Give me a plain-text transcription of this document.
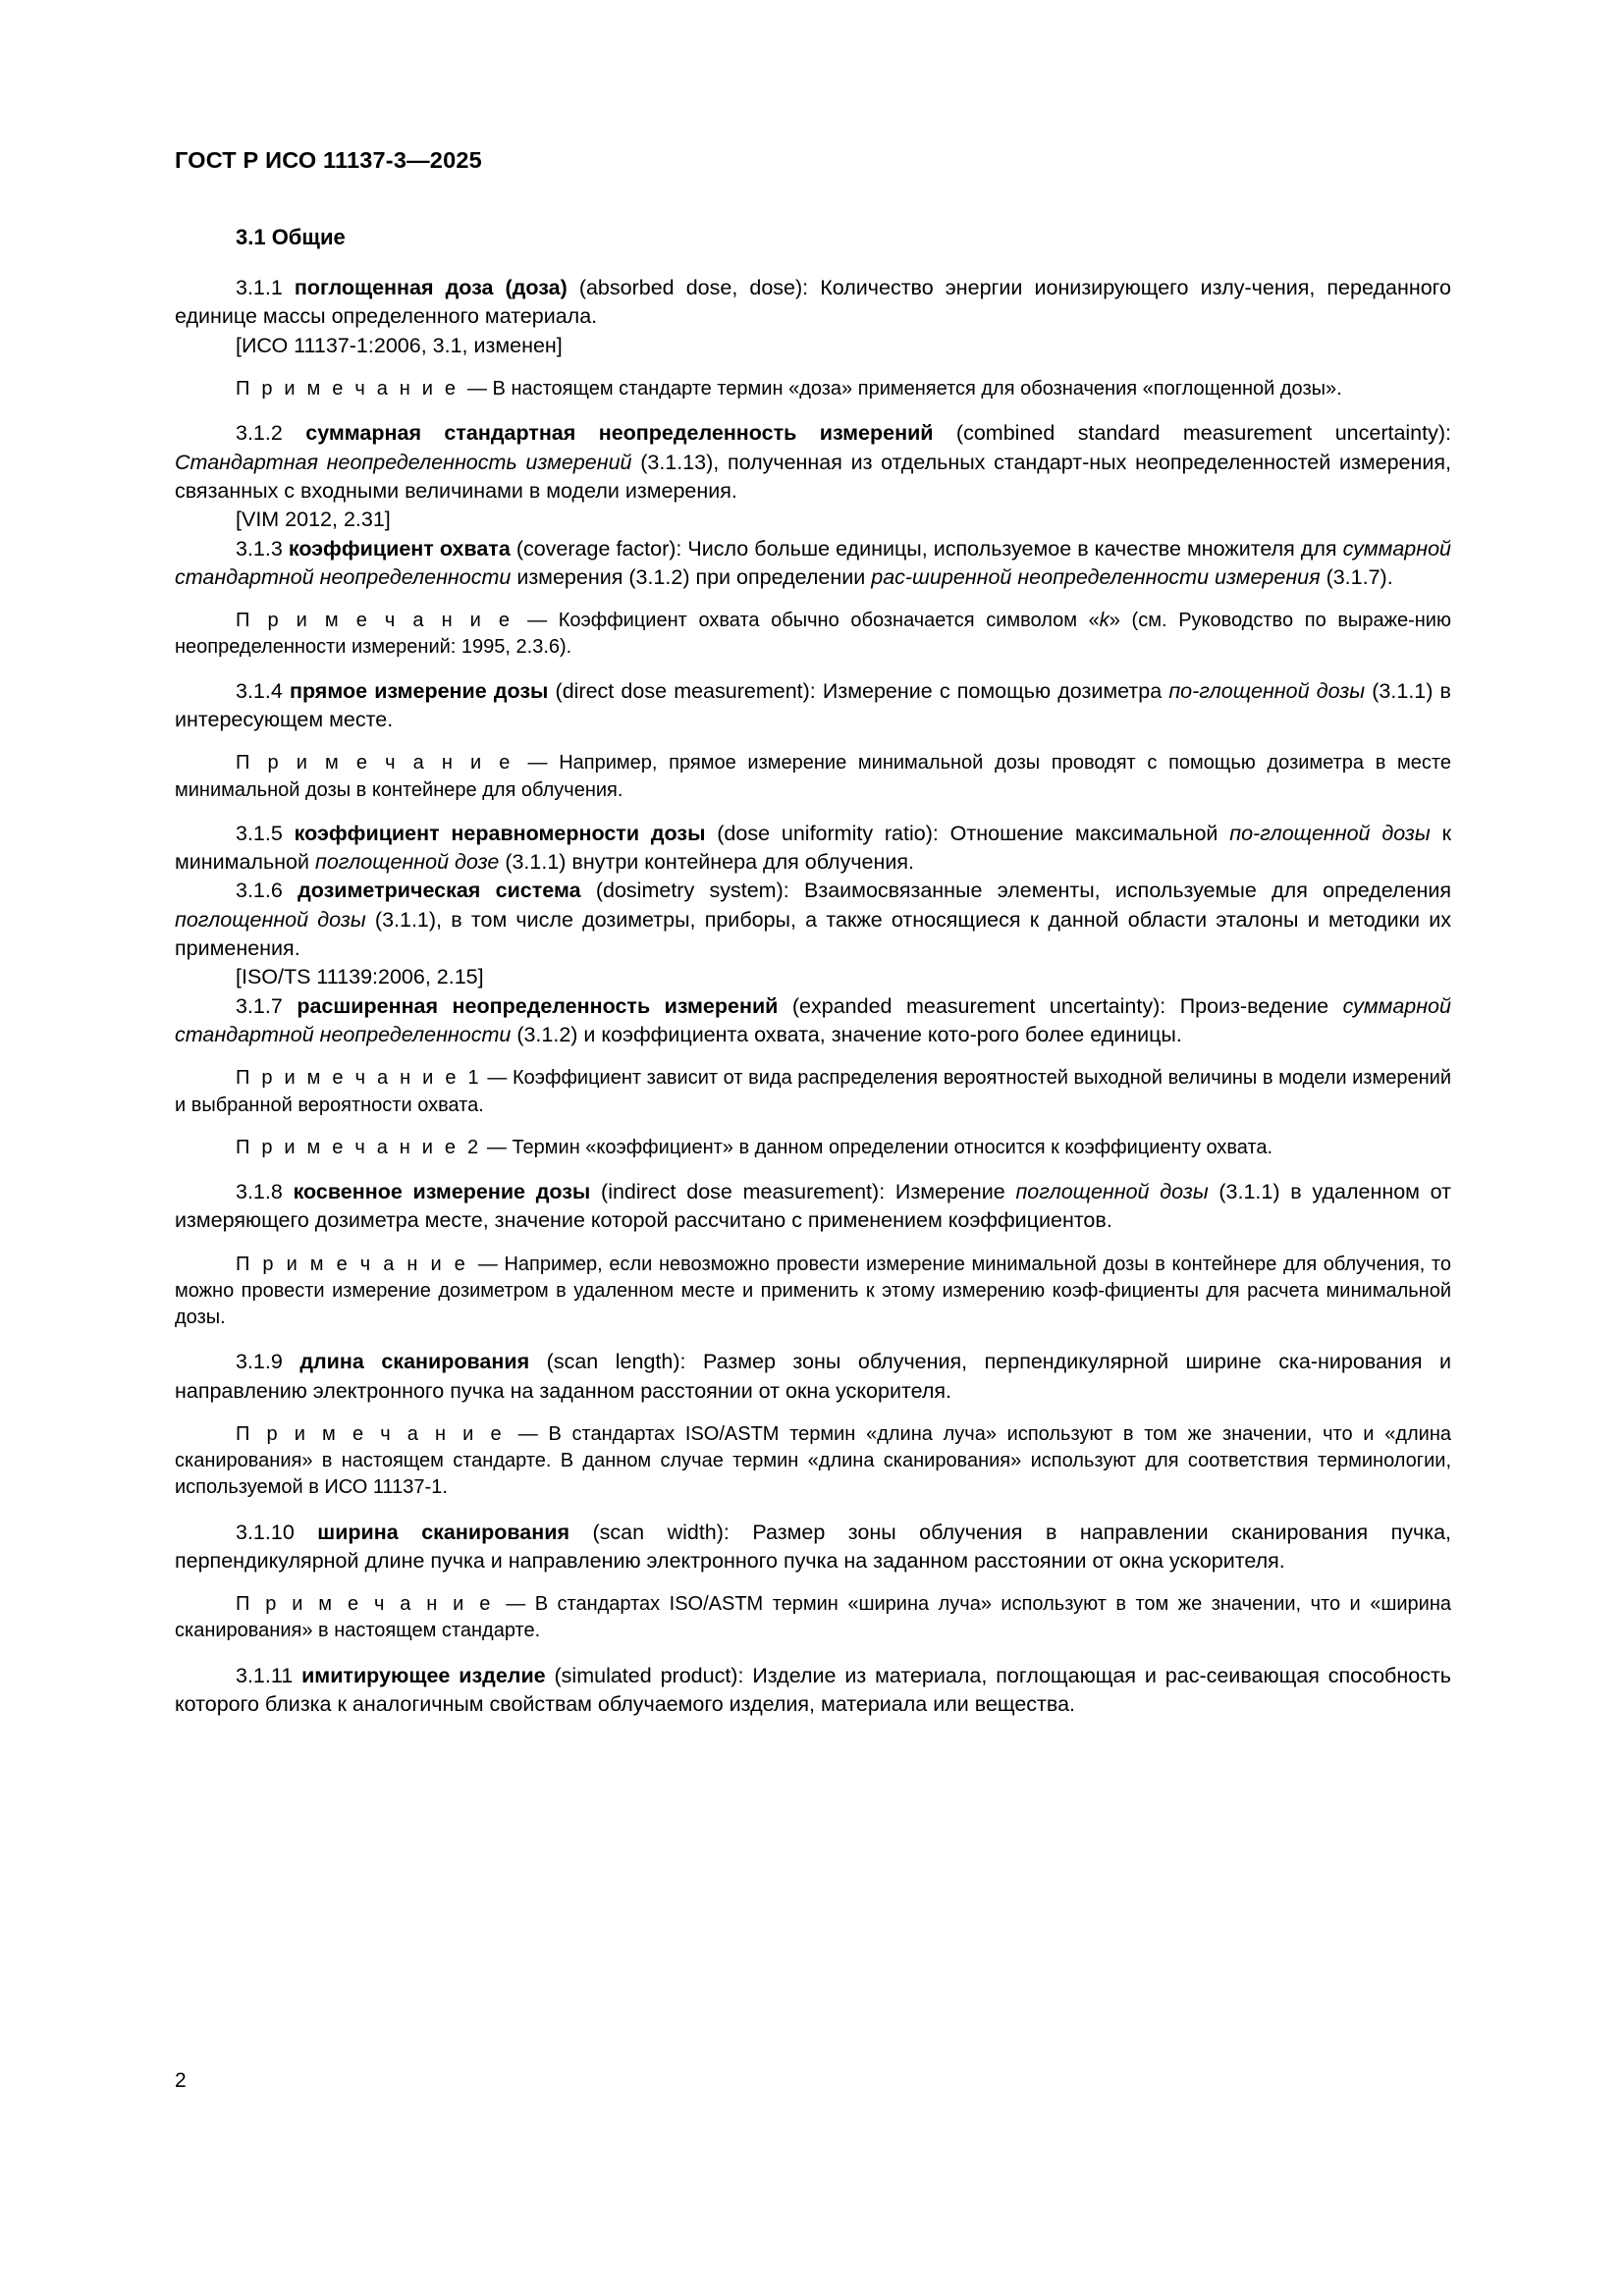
ГОСТ Р ИСО 11137-3—2025
3.1 Общие

3.1.1 поглощенная доза (доза) (absorbed dose, dose): Количество энергии ионизирующего излу-чения, переданного единице массы определенного материала.

[ИСО 11137-1:2006, 3.1, изменен]

П р и м е ч а н и е — В настоящем стандарте термин «доза» применяется для обозначения «поглощенной дозы».

3.1.2 суммарная стандартная неопределенность измерений (combined standard measurement uncertainty): Стандартная неопределенность измерений (3.1.13), полученная из отдельных стандарт-ных неопределенностей измерения, связанных с входными величинами в модели измерения.

[VIM 2012, 2.31]

3.1.3 коэффициент охвата (coverage factor): Число больше единицы, используемое в качестве множителя для суммарной стандартной неопределенности измерения (3.1.2) при определении рас-ширенной неопределенности измерения (3.1.7).

П р и м е ч а н и е — Коэффициент охвата обычно обозначается символом «k» (см. Руководство по выраже-нию неопределенности измерений: 1995, 2.3.6).

3.1.4 прямое измерение дозы (direct dose measurement): Измерение с помощью дозиметра по-глощенной дозы (3.1.1) в интересующем месте.

П р и м е ч а н и е — Например, прямое измерение минимальной дозы проводят с помощью дозиметра в месте минимальной дозы в контейнере для облучения.

3.1.5 коэффициент неравномерности дозы (dose uniformity ratio): Отношение максимальной по-глощенной дозы к минимальной поглощенной дозе (3.1.1) внутри контейнера для облучения.

3.1.6 дозиметрическая система (dosimetry system): Взаимосвязанные элементы, используемые для определения поглощенной дозы (3.1.1), в том числе дозиметры, приборы, а также относящиеся к данной области эталоны и методики их применения.

[ISO/TS 11139:2006, 2.15]

3.1.7 расширенная неопределенность измерений (expanded measurement uncertainty): Произ-ведение суммарной стандартной неопределенности (3.1.2) и коэффициента охвата, значение кото-рого более единицы.

П р и м е ч а н и е 1 — Коэффициент зависит от вида распределения вероятностей выходной величины в модели измерений и выбранной вероятности охвата.

П р и м е ч а н и е 2 — Термин «коэффициент» в данном определении относится к коэффициенту охвата.

3.1.8 косвенное измерение дозы (indirect dose measurement): Измерение поглощенной дозы (3.1.1) в удаленном от измеряющего дозиметра месте, значение которой рассчитано с применением коэффициентов.

П р и м е ч а н и е — Например, если невозможно провести измерение минимальной дозы в контейнере для облучения, то можно провести измерение дозиметром в удаленном месте и применить к этому измерению коэф-фициенты для расчета минимальной дозы.

3.1.9 длина сканирования (scan length): Размер зоны облучения, перпендикулярной ширине ска-нирования и направлению электронного пучка на заданном расстоянии от окна ускорителя.

П р и м е ч а н и е — В стандартах ISO/ASTM термин «длина луча» используют в том же значении, что и «длина сканирования» в настоящем стандарте. В данном случае термин «длина сканирования» используют для соответствия терминологии, используемой в ИСО 11137-1.

3.1.10 ширина сканирования (scan width): Размер зоны облучения в направлении сканирования пучка, перпендикулярной длине пучка и направлению электронного пучка на заданном расстоянии от окна ускорителя.

П р и м е ч а н и е — В стандартах ISO/ASTM термин «ширина луча» используют в том же значении, что и «ширина сканирования» в настоящем стандарте.

3.1.11 имитирующее изделие (simulated product): Изделие из материала, поглощающая и рас-сеивающая способность которого близка к аналогичным свойствам облучаемого изделия, материала или вещества.

2
